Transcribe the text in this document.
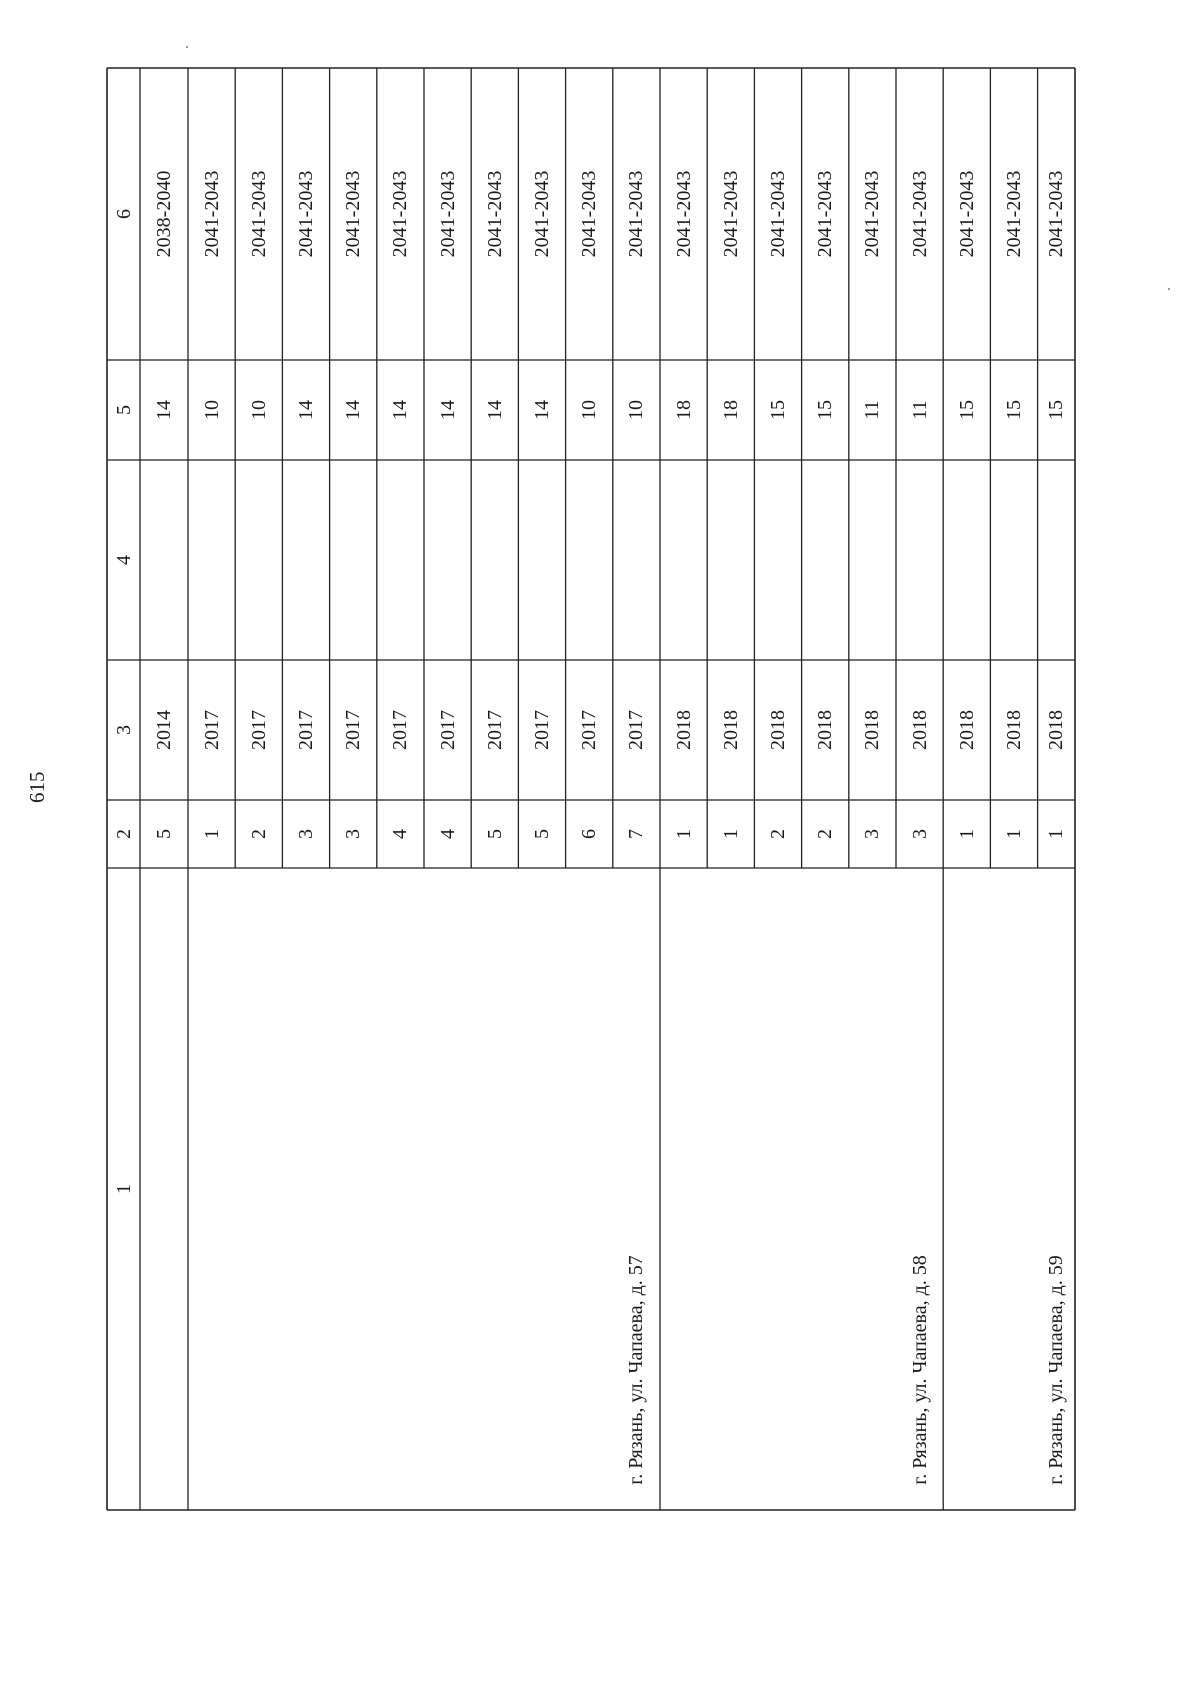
615
1
2
3
4
5
6
5
2014
14
2038-2040
1
2017
10
2041-2043
2
2017
10
2041-2043
3
2017
14
2041-2043
3
2017
14
2041-2043
4
2017
14
2041-2043
4
2017
14
2041-2043
5
2017
14
2041-2043
5
2017
14
2041-2043
6
2017
10
2041-2043
7
2017
10
2041-2043
1
2018
18
2041-2043
1
2018
18
2041-2043
2
2018
15
2041-2043
2
2018
15
2041-2043
3
2018
11
2041-2043
3
2018
11
2041-2043
1
2018
15
2041-2043
1
2018
15
2041-2043
1
2018
15
2041-2043
г. Рязань, ул. Чапаева, д. 57	г. Рязань, ул. Чапаева, д. 58	г. Рязань, ул. Чапаева, д. 59
